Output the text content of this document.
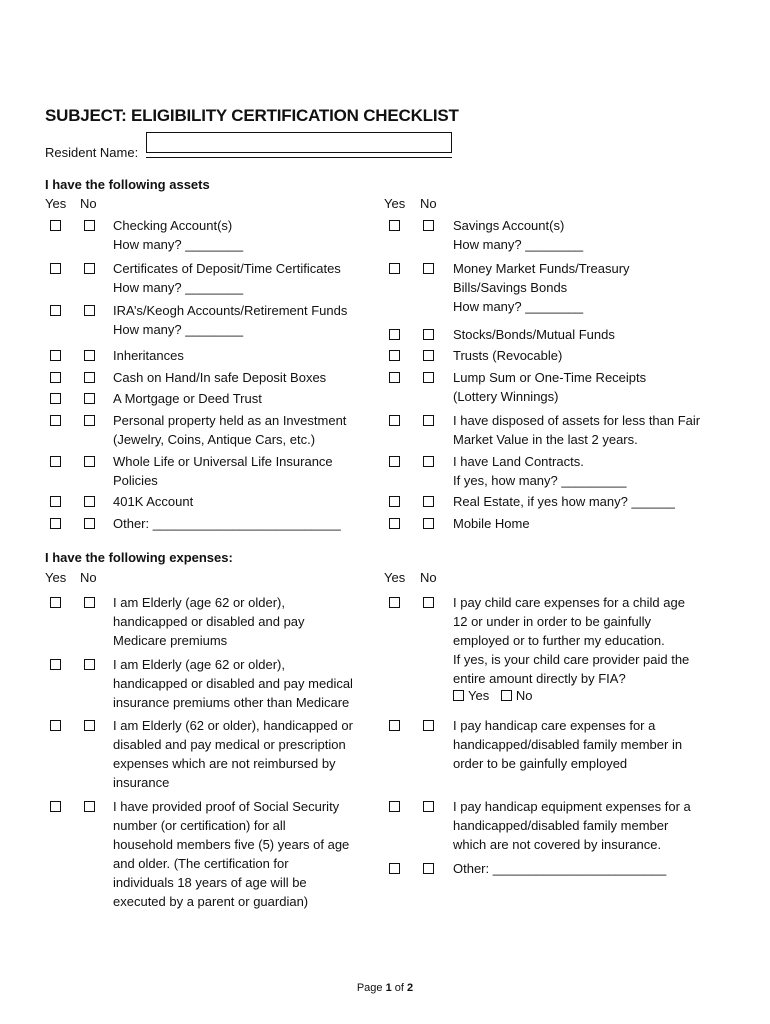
SUBJECT: ELIGIBILITY CERTIFICATION CHECKLIST
Resident Name:
I have the following assets
Yes No	Yes No
I have the following expenses:
Yes No	Yes No
Checking Account(s)
How many? ________
Certificates of Deposit/Time Certificates
How many? ________
IRA’s/Keogh Accounts/Retirement Funds
How many? ________
Inheritances
Cash on Hand/In safe Deposit Boxes
A Mortgage or Deed Trust
Personal property held as an Investment
(Jewelry, Coins, Antique Cars, etc.)
Whole Life or Universal Life Insurance
Policies
401K Account
Other: __________________________
Savings Account(s)
How many? ________
Money Market Funds/Treasury
Bills/Savings Bonds
How many? ________
Stocks/Bonds/Mutual Funds
Trusts (Revocable)
Lump Sum or One-Time Receipts
(Lottery Winnings)
I have disposed of assets for less than Fair
Market Value in the last 2 years.
I have Land Contracts.
If yes, how many? _________
Real Estate, if yes how many? ______
Mobile Home
I am Elderly (age 62 or older),
handicapped or disabled and pay
Medicare premiums
I am Elderly (age 62 or older),
handicapped or disabled and pay medical
insurance premiums other than Medicare
I am Elderly (62 or older), handicapped or
disabled and pay medical or prescription
expenses which are not reimbursed by
insurance
I have provided proof of Social Security
number (or certification) for all
household members five (5) years of age
and older. (The certification for
individuals 18 years of age will be
executed by a parent or guardian)
I pay child care expenses for a child age
12 or under in order to be gainfully
employed or to further my education.
If yes, is your child care provider paid the
entire amount directly by FIA?
I pay handicap care expenses for a
handicapped/disabled family member in
order to be gainfully employed
I pay handicap equipment expenses for a
handicapped/disabled family member
which are not covered by insurance.
Other: ________________________
Yes No
Page 1 of 2
